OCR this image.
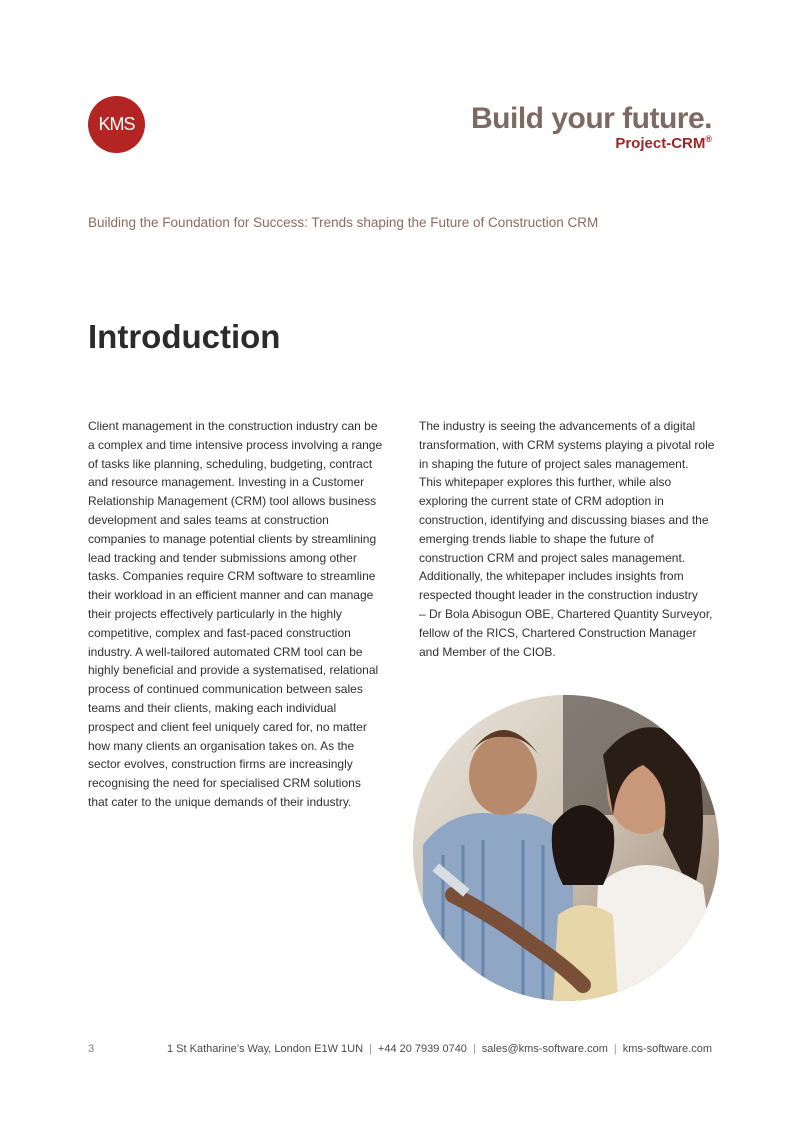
KMS	Build your future.
Project-CRM®
Building the Foundation for Success: Trends shaping the Future of Construction CRM
Introduction
Client management in the construction industry can be
a complex and time intensive process involving a range
of tasks like planning, scheduling, budgeting, contract
and resource management. Investing in a Customer
Relationship Management (CRM) tool allows business
development and sales teams at construction
companies to manage potential clients by streamlining
lead tracking and tender submissions among other
tasks. Companies require CRM software to streamline
their workload in an efficient manner and can manage
their projects effectively particularly in the highly
competitive, complex and fast-paced construction
industry. A well-tailored automated CRM tool can be
highly beneficial and provide a systematised, relational
process of continued communication between sales
teams and their clients, making each individual
prospect and client feel uniquely cared for, no matter
how many clients an organisation takes on. As the
sector evolves, construction firms are increasingly
recognising the need for specialised CRM solutions
that cater to the unique demands of their industry.
The industry is seeing the advancements of a digital
transformation, with CRM systems playing a pivotal role
in shaping the future of project sales management.
This whitepaper explores this further, while also
exploring the current state of CRM adoption in
construction, identifying and discussing biases and the
emerging trends liable to shape the future of
construction CRM and project sales management.
Additionally, the whitepaper includes insights from
respected thought leader in the construction industry
– Dr Bola Abisogun OBE, Chartered Quantity Surveyor,
fellow of the RICS, Chartered Construction Manager
and Member of the CIOB.
3	1 St Katharine’s Way, London E1W 1UN | +44 20 7939 0740 | sales@kms-software.com | kms-software.com
